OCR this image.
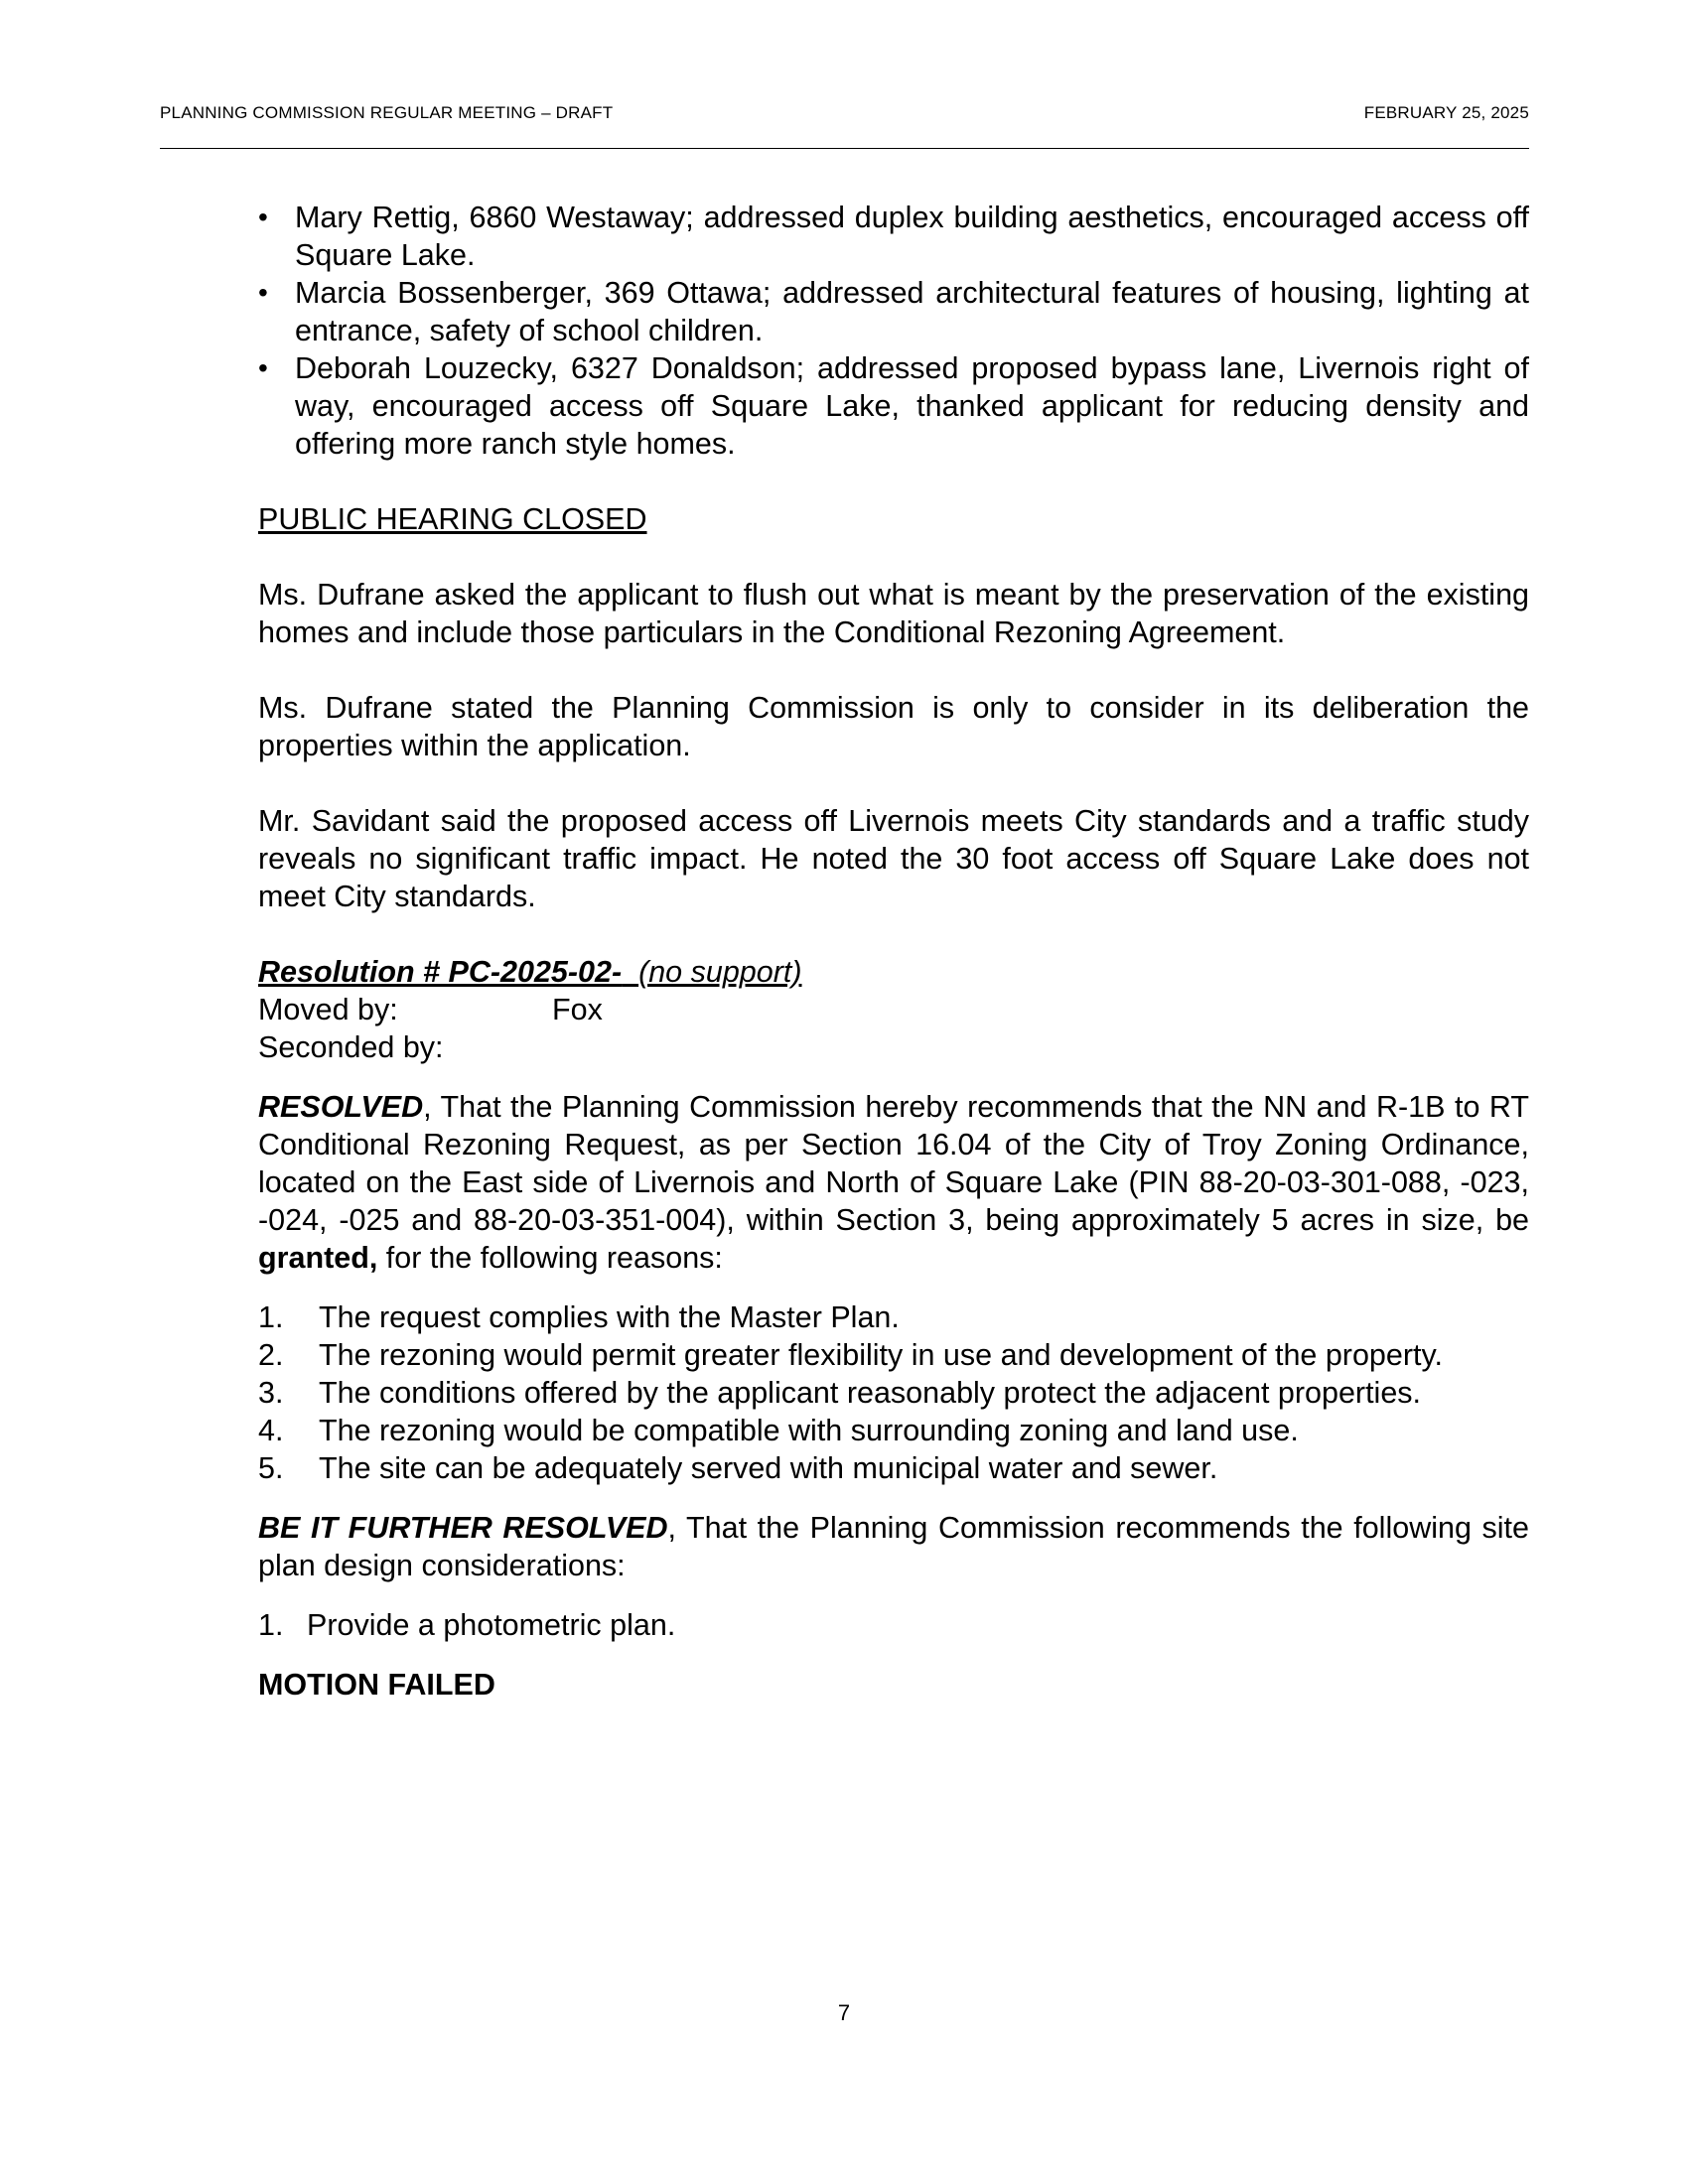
PLANNING COMMISSION REGULAR MEETING – DRAFT	FEBRUARY 25, 2025
• Mary Rettig, 6860 Westaway; addressed duplex building aesthetics, encouraged access off Square Lake.
• Marcia Bossenberger, 369 Ottawa; addressed architectural features of housing, lighting at entrance, safety of school children.
• Deborah Louzecky, 6327 Donaldson; addressed proposed bypass lane, Livernois right of way, encouraged access off Square Lake, thanked applicant for reducing density and offering more ranch style homes.

PUBLIC HEARING CLOSED

Ms. Dufrane asked the applicant to flush out what is meant by the preservation of the existing homes and include those particulars in the Conditional Rezoning Agreement.

Ms. Dufrane stated the Planning Commission is only to consider in its deliberation the properties within the application.

Mr. Savidant said the proposed access off Livernois meets City standards and a traffic study reveals no significant traffic impact. He noted the 30 foot access off Square Lake does not meet City standards.

Resolution # PC-2025-02- (no support)

Moved by:	Fox
Seconded by:

RESOLVED, That the Planning Commission hereby recommends that the NN and R-1B to RT Conditional Rezoning Request, as per Section 16.04 of the City of Troy Zoning Ordinance, located on the East side of Livernois and North of Square Lake (PIN 88-20-03-301-088, -023, -024, -025 and 88-20-03-351-004), within Section 3, being approximately 5 acres in size, be granted, for the following reasons:

1.	The request complies with the Master Plan.
2.	The rezoning would permit greater flexibility in use and development of the property.
3.	The conditions offered by the applicant reasonably protect the adjacent properties.
4.	The rezoning would be compatible with surrounding zoning and land use.
5.	The site can be adequately served with municipal water and sewer.

BE IT FURTHER RESOLVED, That the Planning Commission recommends the following site plan design considerations:

1. Provide a photometric plan.

MOTION FAILED

7
